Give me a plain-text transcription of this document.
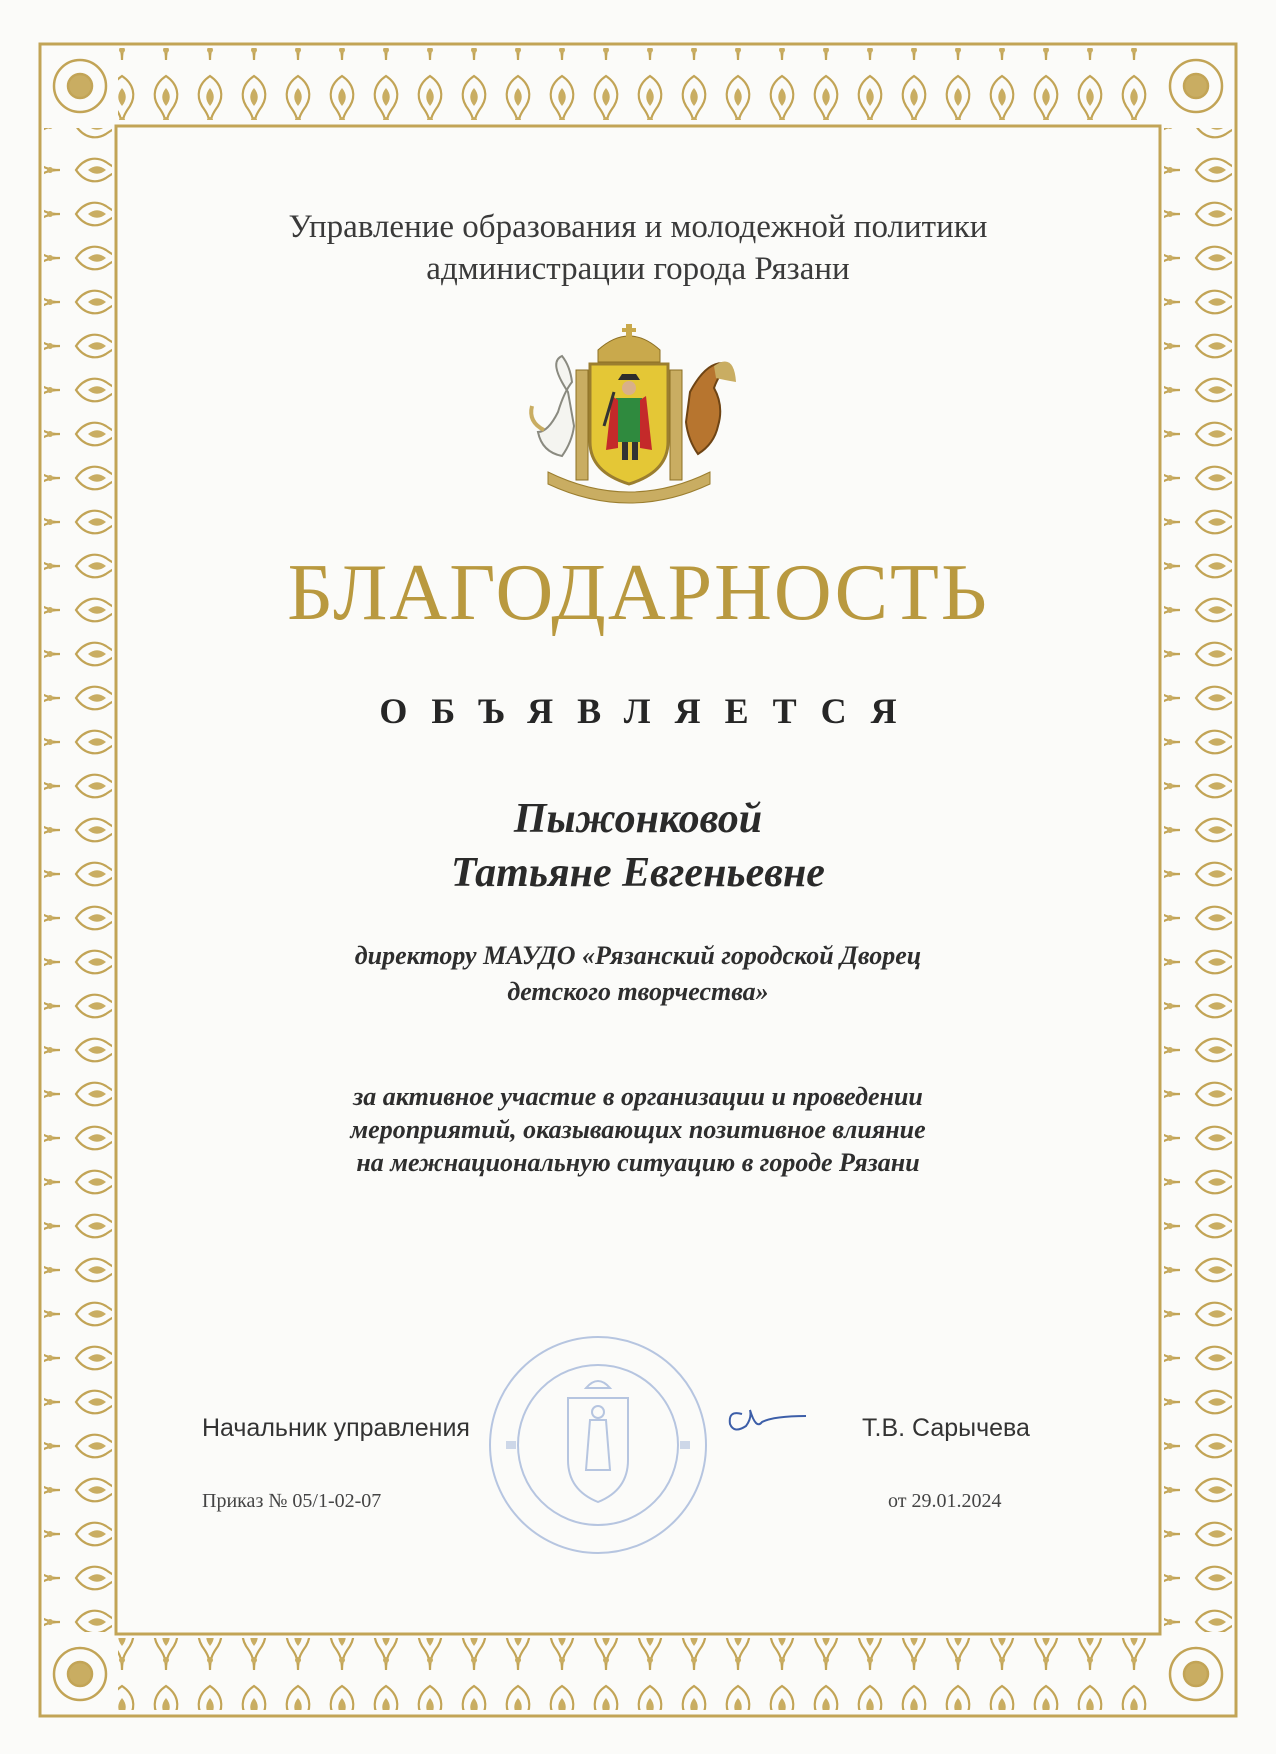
Управление образования и молодежной политики
администрации города Рязани
БЛАГОДАРНОСТЬ
ОБЪЯВЛЯЕТСЯ
Пыжонковой
Татьяне Евгеньевне
директору МАУДО «Рязанский городской Дворец
детского творчества»
за активное участие в организации и проведении
мероприятий, оказывающих позитивное влияние
на межнациональную ситуацию в городе Рязани
Начальник управления	Т.В. Сарычева
Приказ № 05/1-02-07	от 29.01.2024
